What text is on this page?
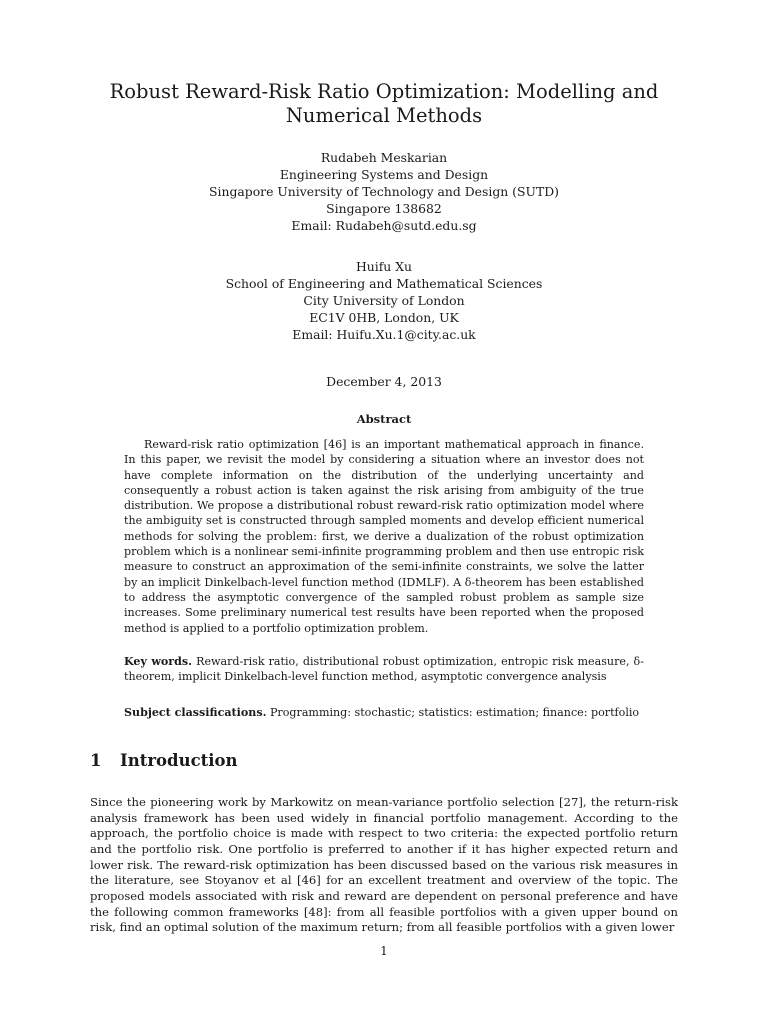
Robust Reward-Risk Ratio Optimization: Modelling and Numerical Methods
Rudabeh Meskarian
Engineering Systems and Design
Singapore University of Technology and Design (SUTD)
Singapore 138682
Email: Rudabeh@sutd.edu.sg
Huifu Xu
School of Engineering and Mathematical Sciences
City University of London
EC1V 0HB, London, UK
Email: Huifu.Xu.1@city.ac.uk
December 4, 2013
Abstract

Reward-risk ratio optimization [46] is an important mathematical approach in finance. In this paper, we revisit the model by considering a situation where an investor does not have complete information on the distribution of the underlying uncertainty and consequently a robust action is taken against the risk arising from ambiguity of the true distribution. We propose a distributional robust reward-risk ratio optimization model where the ambiguity set is constructed through sampled moments and develop efficient numerical methods for solving the problem: first, we derive a dualization of the robust optimization problem which is a nonlinear semi-infinite programming problem and then use entropic risk measure to construct an approximation of the semi-infinite constraints, we solve the latter by an implicit Dinkelbach-level function method (IDMLF). A δ-theorem has been established to address the asymptotic convergence of the sampled robust problem as sample size increases. Some preliminary numerical test results have been reported when the proposed method is applied to a portfolio optimization problem.

Key words. Reward-risk ratio, distributional robust optimization, entropic risk measure, δ-theorem, implicit Dinkelbach-level function method, asymptotic convergence analysis
Subject classifications. Programming: stochastic; statistics: estimation; finance: portfolio
1 Introduction

Since the pioneering work by Markowitz on mean-variance portfolio selection [27], the return-risk analysis framework has been used widely in financial portfolio management. According to the approach, the portfolio choice is made with respect to two criteria: the expected portfolio return and the portfolio risk. One portfolio is preferred to another if it has higher expected return and lower risk. The reward-risk optimization has been discussed based on the various risk measures in the literature, see Stoyanov et al [46] for an excellent treatment and overview of the topic. The proposed models associated with risk and reward are dependent on personal preference and have the following common frameworks [48]: from all feasible portfolios with a given upper bound on risk, find an optimal solution of the maximum return; from all feasible portfolios with a given lower

1
